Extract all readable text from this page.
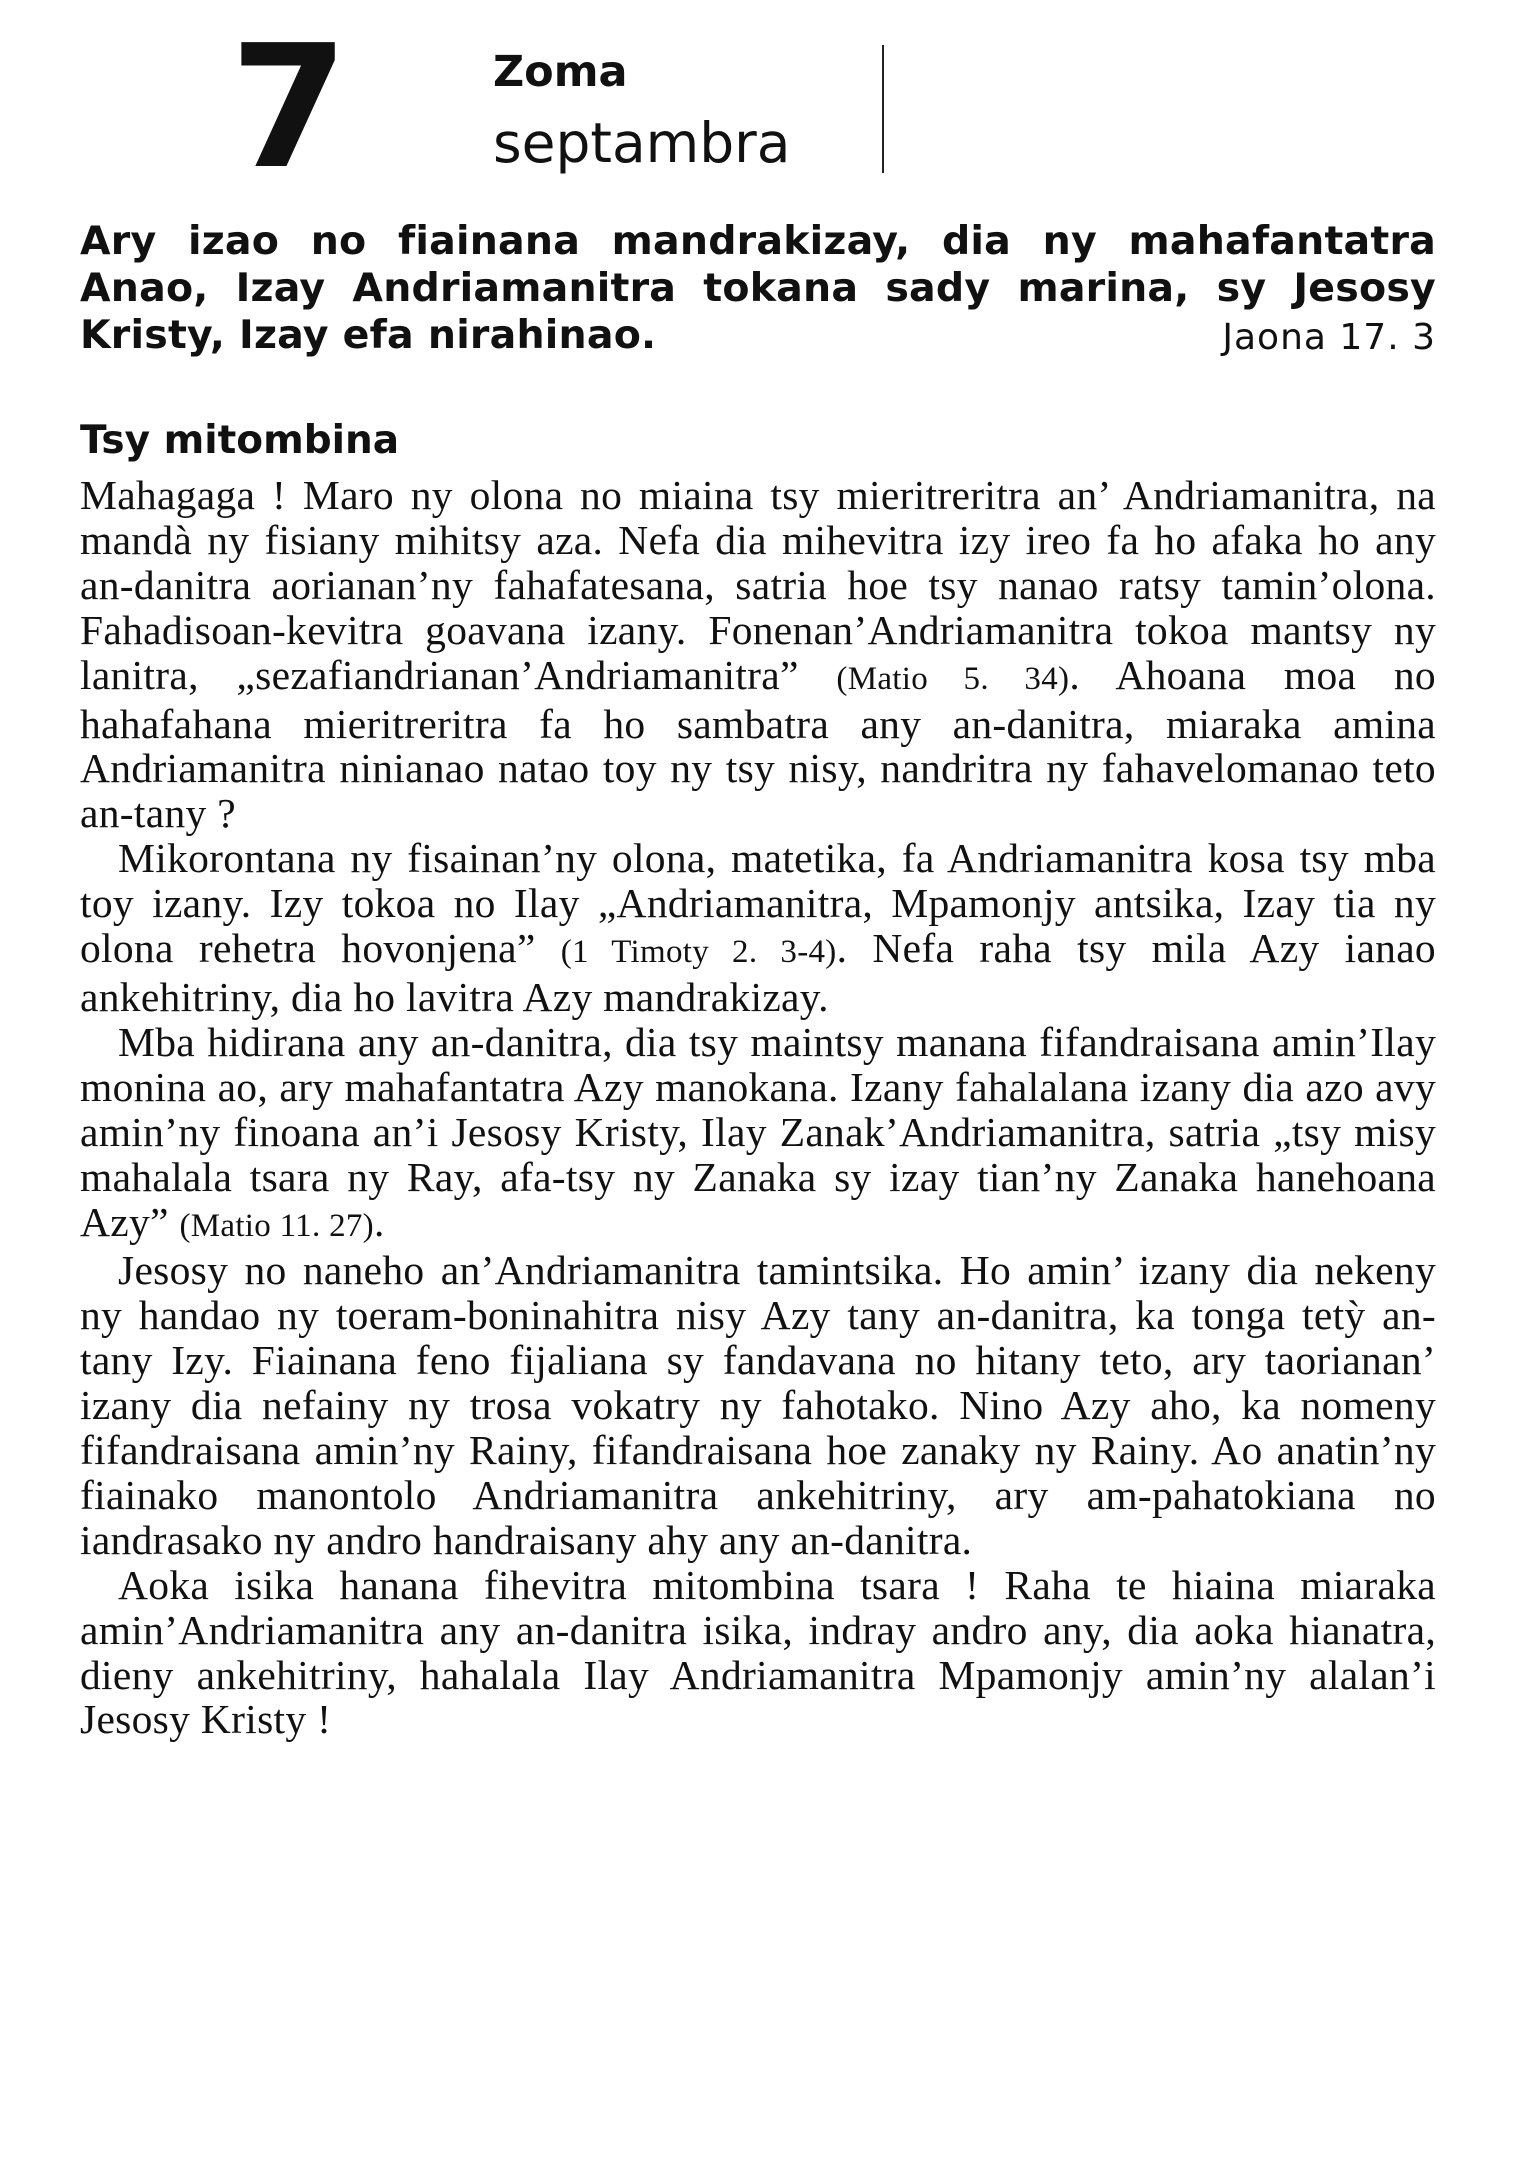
7	Zoma
septambra
Ary izao no fiainana mandrakizay, dia ny mahafantatra Anao, Izay Andriamanitra tokana sady marina, sy Jesosy Kristy, Izay efa nirahinao.	Jaona 17. 3
Tsy mitombina

Mahagaga ! Maro ny olona no miaina tsy mieritreritra an’ Andriamanitra, na mandà ny fisiany mihitsy aza. Nefa dia mihevitra izy ireo fa ho afaka ho any an-danitra aorianan’ny fahafatesana, satria hoe tsy nanao ratsy tamin’olona. Fahadisoan-kevitra goavana izany. Fonenan’Andriamanitra tokoa mantsy ny lanitra, „sezafiandrianan’Andriamanitra” (Matio 5. 34). Ahoana moa no hahafahana mieritreritra fa ho sambatra any an-danitra, miaraka amina Andriamanitra ninianao natao toy ny tsy nisy, nandritra ny fahavelomanao teto an-tany ?

Mikorontana ny fisainan’ny olona, matetika, fa Andriamanitra kosa tsy mba toy izany. Izy tokoa no Ilay „Andriamanitra, Mpamonjy antsika, Izay tia ny olona rehetra hovonjena” (1 Timoty 2. 3-4). Nefa raha tsy mila Azy ianao ankehitriny, dia ho lavitra Azy mandrakizay.

Mba hidirana any an-danitra, dia tsy maintsy manana fifandraisana amin’Ilay monina ao, ary mahafantatra Azy manokana. Izany fahalalana izany dia azo avy amin’ny finoana an’i Jesosy Kristy, Ilay Zanak’Andriamanitra, satria „tsy misy mahalala tsara ny Ray, afa-tsy ny Zanaka sy izay tian’ny Zanaka hanehoana Azy” (Matio 11. 27).

Jesosy no naneho an’Andriamanitra tamintsika. Ho amin’ izany dia nekeny ny handao ny toeram-boninahitra nisy Azy tany an-danitra, ka tonga tetỳ an-tany Izy. Fiainana feno fijaliana sy fandavana no hitany teto, ary taorianan’ izany dia nefainy ny trosa vokatry ny fahotako. Nino Azy aho, ka nomeny fifandraisana amin’ny Rainy, fifandraisana hoe zanaky ny Rainy. Ao anatin’ny fiainako manontolo Andriamanitra ankehitriny, ary am-pahatokiana no iandrasako ny andro handraisany ahy any an-danitra.

Aoka isika hanana fihevitra mitombina tsara ! Raha te hiaina miaraka amin’Andriamanitra any an-danitra isika, indray andro any, dia aoka hianatra, dieny ankehitriny, hahalala Ilay Andriamanitra Mpamonjy amin’ny alalan’i Jesosy Kristy !
